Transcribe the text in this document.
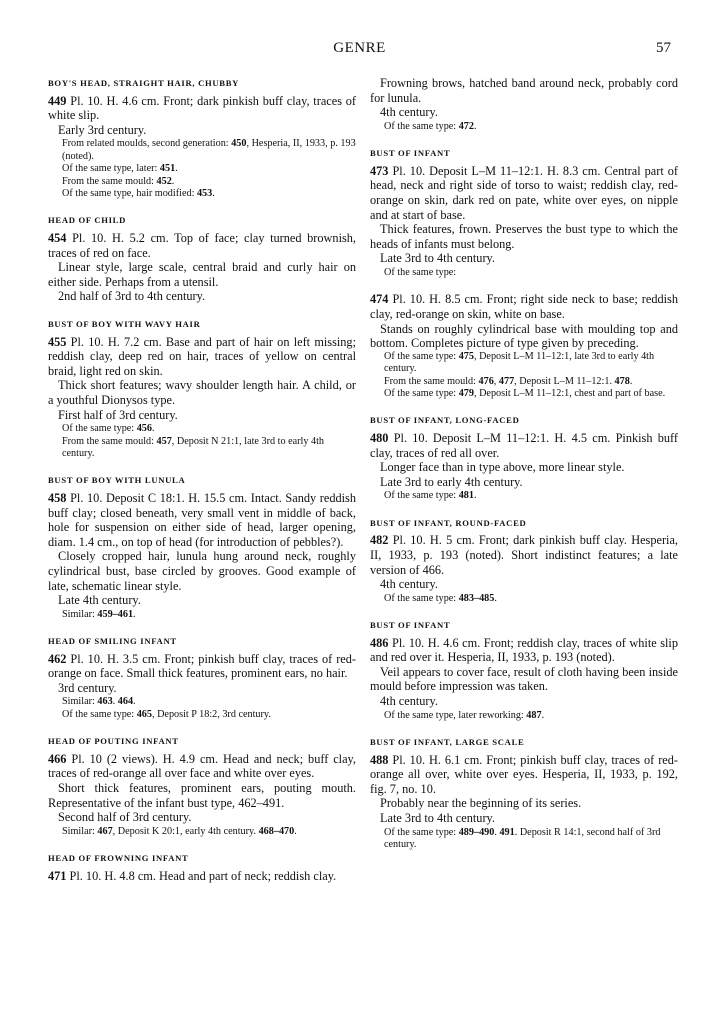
GENRE	57
BOY'S HEAD, STRAIGHT HAIR, CHUBBY

449 Pl. 10. H. 4.6 cm. Front; dark pinkish buff clay, traces of white slip.

Early 3rd century.

From related moulds, second generation: 450, Hesperia, II, 1933, p. 193 (noted).

Of the same type, later: 451.

From the same mould: 452.

Of the same type, hair modified: 453.

HEAD OF CHILD

454 Pl. 10. H. 5.2 cm. Top of face; clay turned brownish, traces of red on face.

Linear style, large scale, central braid and curly hair on either side. Perhaps from a utensil.

2nd half of 3rd to 4th century.

BUST OF BOY WITH WAVY HAIR

455 Pl. 10. H. 7.2 cm. Base and part of hair on left missing; reddish clay, deep red on hair, traces of yellow on central braid, light red on skin.

Thick short features; wavy shoulder length hair. A child, or a youthful Dionysos type.

First half of 3rd century.

Of the same type: 456.

From the same mould: 457, Deposit N 21:1, late 3rd to early 4th century.

BUST OF BOY WITH LUNULA

458 Pl. 10. Deposit C 18:1. H. 15.5 cm. Intact. Sandy reddish buff clay; closed beneath, very small vent in middle of back, hole for suspension on either side of head, larger opening, diam. 1.4 cm., on top of head (for introduction of pebbles?).

Closely cropped hair, lunula hung around neck, roughly cylindrical bust, base circled by grooves. Good example of late, schematic linear style.

Late 4th century.

Similar: 459–461.

HEAD OF SMILING INFANT

462 Pl. 10. H. 3.5 cm. Front; pinkish buff clay, traces of red-orange on face. Small thick features, prominent ears, no hair.

3rd century.

Similar: 463. 464.

Of the same type: 465, Deposit P 18:2, 3rd century.

HEAD OF POUTING INFANT

466 Pl. 10 (2 views). H. 4.9 cm. Head and neck; buff clay, traces of red-orange all over face and white over eyes.

Short thick features, prominent ears, pouting mouth. Representative of the infant bust type, 462–491.

Second half of 3rd century.

Similar: 467, Deposit K 20:1, early 4th century. 468–470.

HEAD OF FROWNING INFANT

471 Pl. 10. H. 4.8 cm. Head and part of neck; reddish clay.

Frowning brows, hatched band around neck, probably cord for lunula.

4th century.

Of the same type: 472.

BUST OF INFANT

473 Pl. 10. Deposit L–M 11–12:1. H. 8.3 cm. Central part of head, neck and right side of torso to waist; reddish clay, red-orange on skin, dark red on pate, white over eyes, on nipple and at start of base.

Thick features, frown. Preserves the bust type to which the heads of infants must belong.

Late 3rd to 4th century.

Of the same type:

474 Pl. 10. H. 8.5 cm. Front; right side neck to base; reddish clay, red-orange on skin, white on base.

Stands on roughly cylindrical base with moulding top and bottom. Completes picture of type given by preceding.

Of the same type: 475, Deposit L–M 11–12:1, late 3rd to early 4th century.

From the same mould: 476, 477, Deposit L–M 11–12:1. 478.

Of the same type: 479, Deposit L–M 11–12:1, chest and part of base.

BUST OF INFANT, LONG-FACED

480 Pl. 10. Deposit L–M 11–12:1. H. 4.5 cm. Pinkish buff clay, traces of red all over.

Longer face than in type above, more linear style.

Late 3rd to early 4th century.

Of the same type: 481.

BUST OF INFANT, ROUND-FACED

482 Pl. 10. H. 5 cm. Front; dark pinkish buff clay. Hesperia, II, 1933, p. 193 (noted). Short indistinct features; a late version of 466.

4th century.

Of the same type: 483–485.

BUST OF INFANT

486 Pl. 10. H. 4.6 cm. Front; reddish clay, traces of white slip and red over it. Hesperia, II, 1933, p. 193 (noted).

Veil appears to cover face, result of cloth having been inside mould before impression was taken.

4th century.

Of the same type, later reworking: 487.

BUST OF INFANT, LARGE SCALE

488 Pl. 10. H. 6.1 cm. Front; pinkish buff clay, traces of red-orange all over, white over eyes. Hesperia, II, 1933, p. 192, fig. 7, no. 10.

Probably near the beginning of its series.

Late 3rd to 4th century.

Of the same type: 489–490. 491. Deposit R 14:1, second half of 3rd century.
